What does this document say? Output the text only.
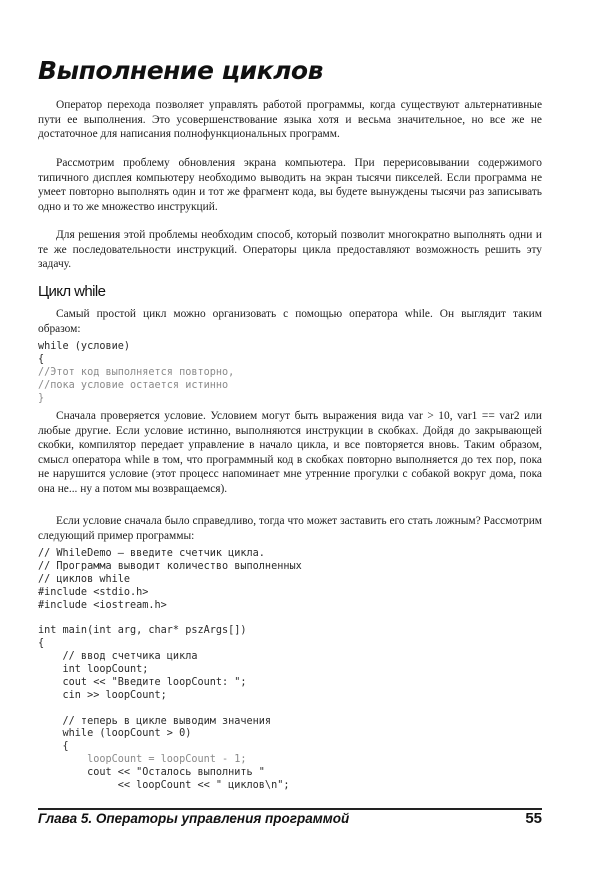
Выполнение циклов

Оператор перехода позволяет управлять работой программы, когда существуют альтернативные пути ее выполнения. Это усовершенствование языка хотя и весьма значительное, но все же не достаточное для написания полнофункциональных программ.

Рассмотрим проблему обновления экрана компьютера. При перерисовывании содержимого типичного дисплея компьютеру необходимо выводить на экран тысячи пикселей. Если программа не умеет повторно выполнять один и тот же фрагмент кода, вы будете вынуждены тысячи раз записывать одно и то же множество инструкций.

Для решения этой проблемы необходим способ, который позволит многократно выполнять одни и те же последовательности инструкций. Операторы цикла предоставляют возможность решить эту задачу.

Цикл while

Самый простой цикл можно организовать с помощью оператора while. Он выглядит таким образом:

while (условие)
{
//Этот код выполняется повторно,
//пока условие остается истинно
}

Сначала проверяется условие. Условием могут быть выражения вида var > 10, var1 == var2 или любые другие. Если условие истинно, выполняются инструкции в скобках. Дойдя до закрывающей скобки, компилятор передает управление в начало цикла, и все повторяется вновь. Таким образом, смысл оператора while в том, что программный код в скобках повторно выполняется до тех пор, пока не нарушится условие (этот процесс напоминает мне утренние прогулки с собакой вокруг дома, пока она не... ну а потом мы возвращаемся).

Если условие сначала было справедливо, тогда что может заставить его стать ложным? Рассмотрим следующий пример программы:

// WhileDemo — введите счетчик цикла.
// Программа выводит количество выполненных
// циклов while
#include <stdio.h>
#include <iostream.h>
int main(int arg, char* pszArgs[])
{
// ввод счетчика цикла
int loopCount;
cout << "Введите loopCount: ";
cin >> loopCount;
// теперь в цикле выводим значения
while (loopCount > 0)
{
loopCount = loopCount - 1;
cout << "Осталось выполнить "
<< loopCount << " циклов\n";
Глава 5. Операторы управления программой	55
